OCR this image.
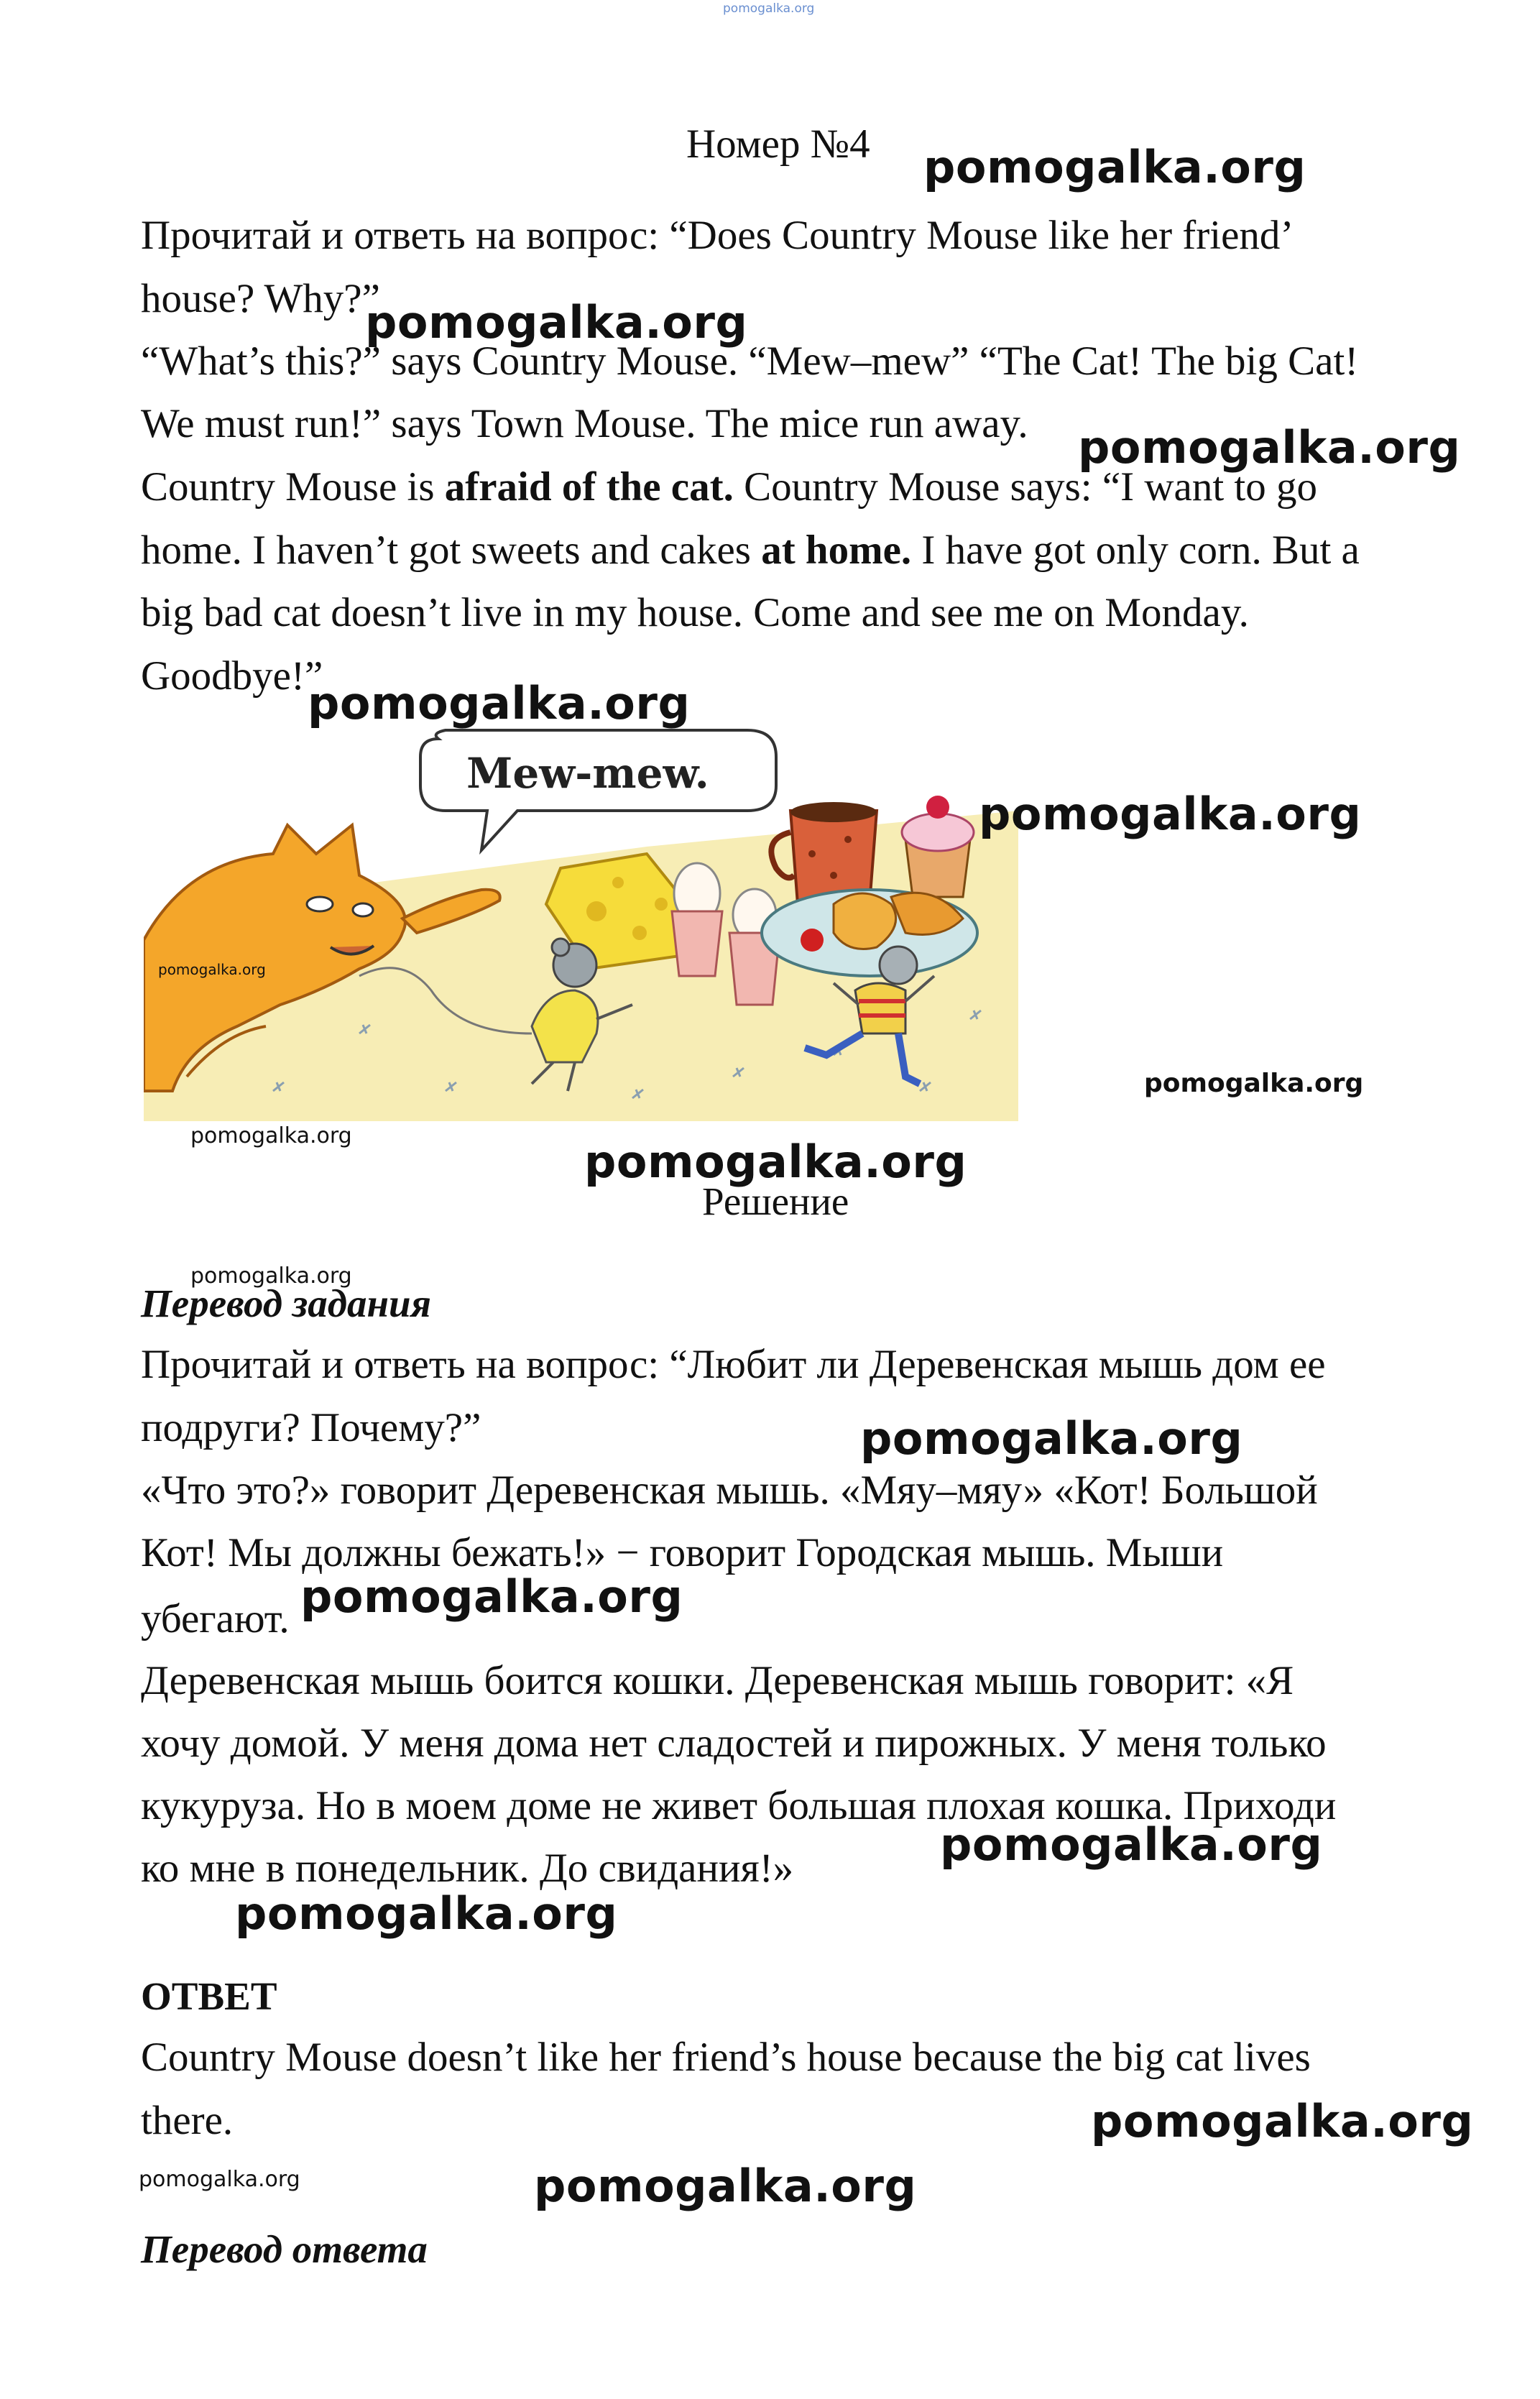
pomogalka.org
Номер №4
Прочитай и ответь на вопрос: “Does Country Mouse like her friend’
house? Why?”
“What’s this?” says Country Mouse. “Mew–mew” “The Cat! The big Cat!
We must run!” says Town Mouse. The mice run away.
Country Mouse is afraid of the cat. Country Mouse says: “I want to go
home. I haven’t got sweets and cakes at home. I have got only corn. But a
big bad cat doesn’t live in my house. Come and see me on Monday.
Goodbye!”
Mew-mew.
Решение
Перевод задания
Прочитай и ответь на вопрос: “Любит ли Деревенская мышь дом ее
подруги? Почему?”
«Что это?» говорит Деревенская мышь. «Мяу–мяу» «Кот! Большой
Кот! Мы должны бежать!» − говорит Городская мышь. Мыши
убегают.
Деревенская мышь боится кошки. Деревенская мышь говорит: «Я
хочу домой. У меня дома нет сладостей и пирожных. У меня только
кукуруза. Но в моем доме не живет большая плохая кошка. Приходи
ко мне в понедельник. До свидания!»
ОТВЕТ
Country Mouse doesn’t like her friend’s house because the big cat lives
there.
Перевод ответа
pomogalka.org
pomogalka.org
pomogalka.org
pomogalka.org
pomogalka.org
pomogalka.org
pomogalka.org
pomogalka.org	pomogalka.org
pomogalka.org
pomogalka.org
pomogalka.org
pomogalka.org
pomogalka.org
pomogalka.org
pomogalka.org	pomogalka.org
